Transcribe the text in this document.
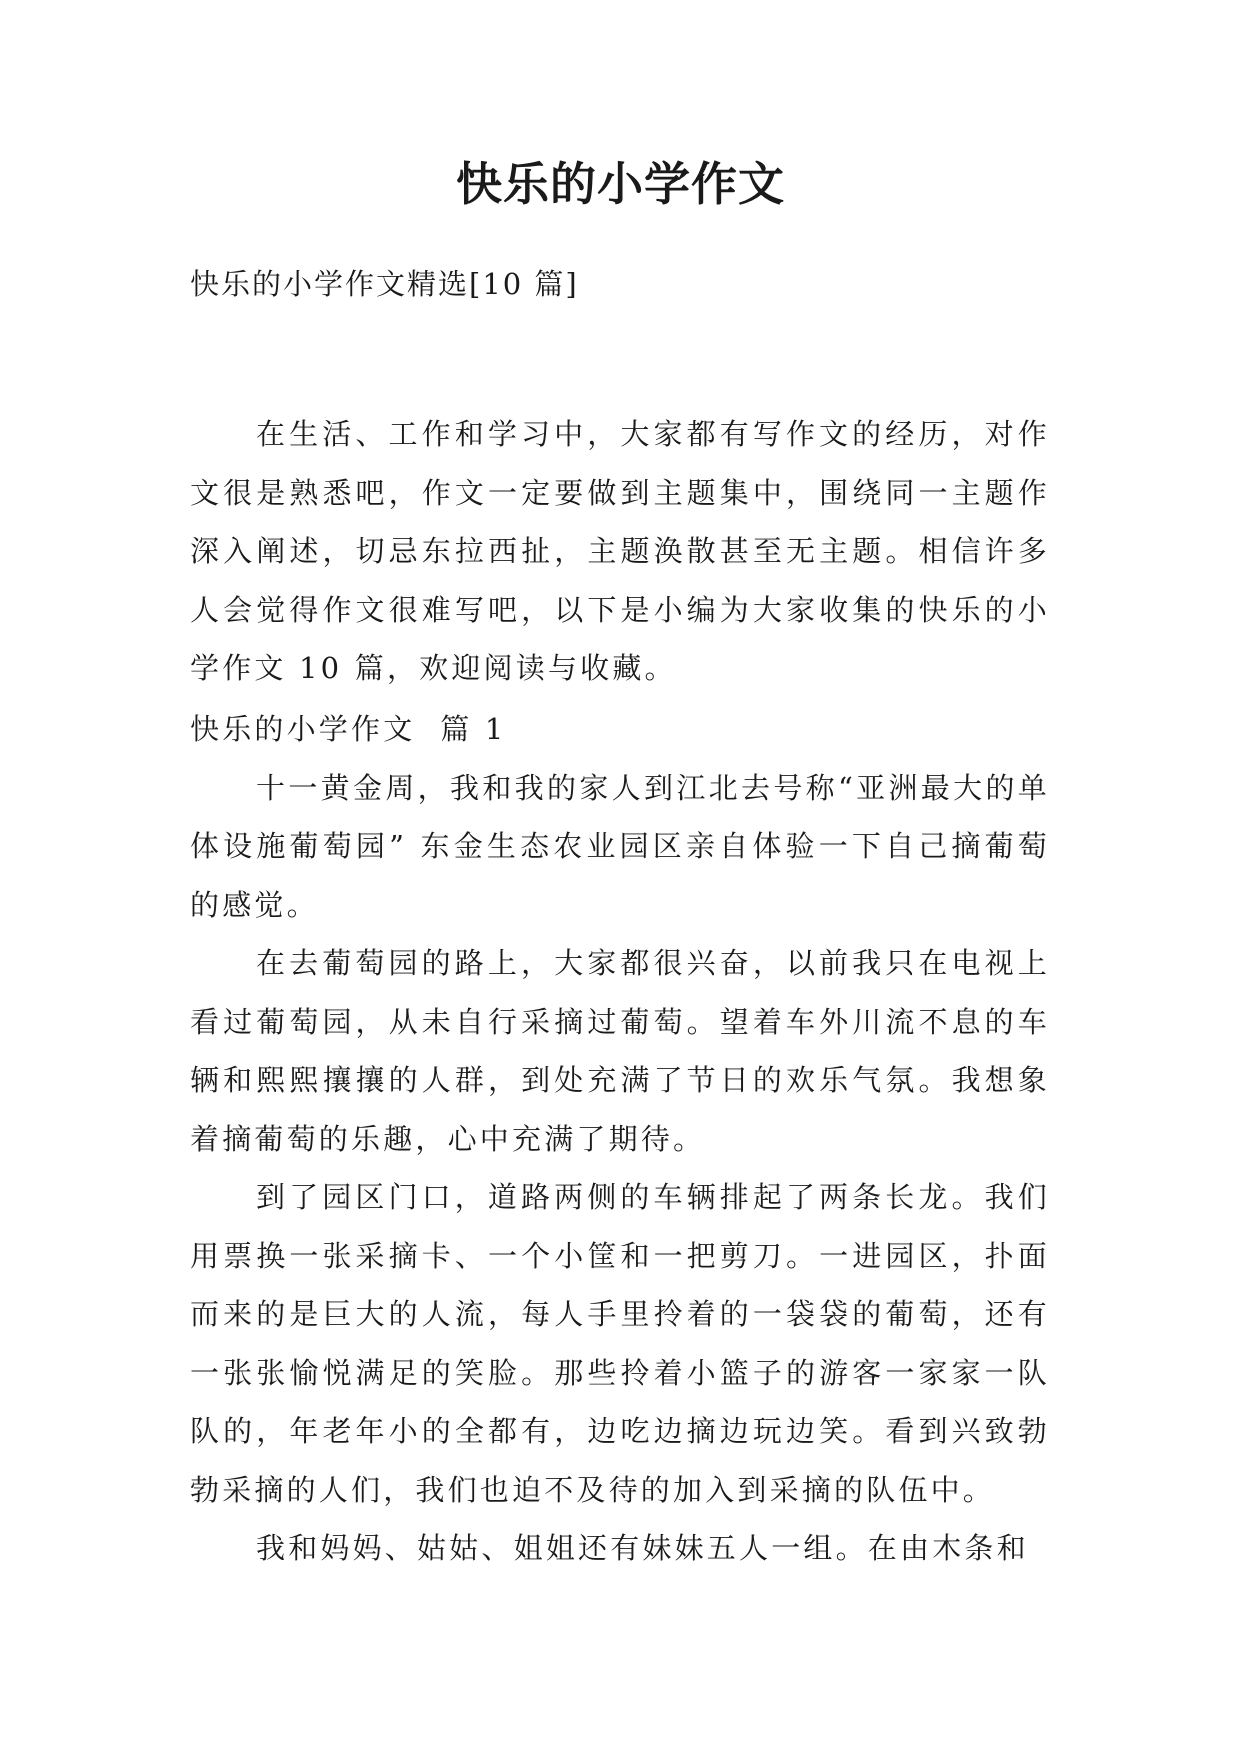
快乐的小学作文

快乐的小学作文精选[10 篇]

在生活、工作和学习中，大家都有写作文的经历，对作文很是熟悉吧，作文一定要做到主题集中，围绕同一主题作深入阐述，切忌东拉西扯，主题涣散甚至无主题。相信许多人会觉得作文很难写吧，以下是小编为大家收集的快乐的小学作文 10 篇，欢迎阅读与收藏。

快乐的小学作文  篇 1

十一黄金周，我和我的家人到江北去号称“亚洲最大的单体设施葡萄园” 东金生态农业园区亲自体验一下自己摘葡萄的感觉。

在去葡萄园的路上，大家都很兴奋，以前我只在电视上看过葡萄园，从未自行采摘过葡萄。望着车外川流不息的车辆和熙熙攘攘的人群，到处充满了节日的欢乐气氛。我想象着摘葡萄的乐趣，心中充满了期待。

到了园区门口，道路两侧的车辆排起了两条长龙。我们用票换一张采摘卡、一个小筐和一把剪刀。一进园区，扑面而来的是巨大的人流，每人手里拎着的一袋袋的葡萄，还有一张张愉悦满足的笑脸。那些拎着小篮子的游客一家家一队队的，年老年小的全都有，边吃边摘边玩边笑。看到兴致勃勃采摘的人们，我们也迫不及待的加入到采摘的队伍中。

我和妈妈、姑姑、姐姐还有妹妹五人一组。在由木条和
